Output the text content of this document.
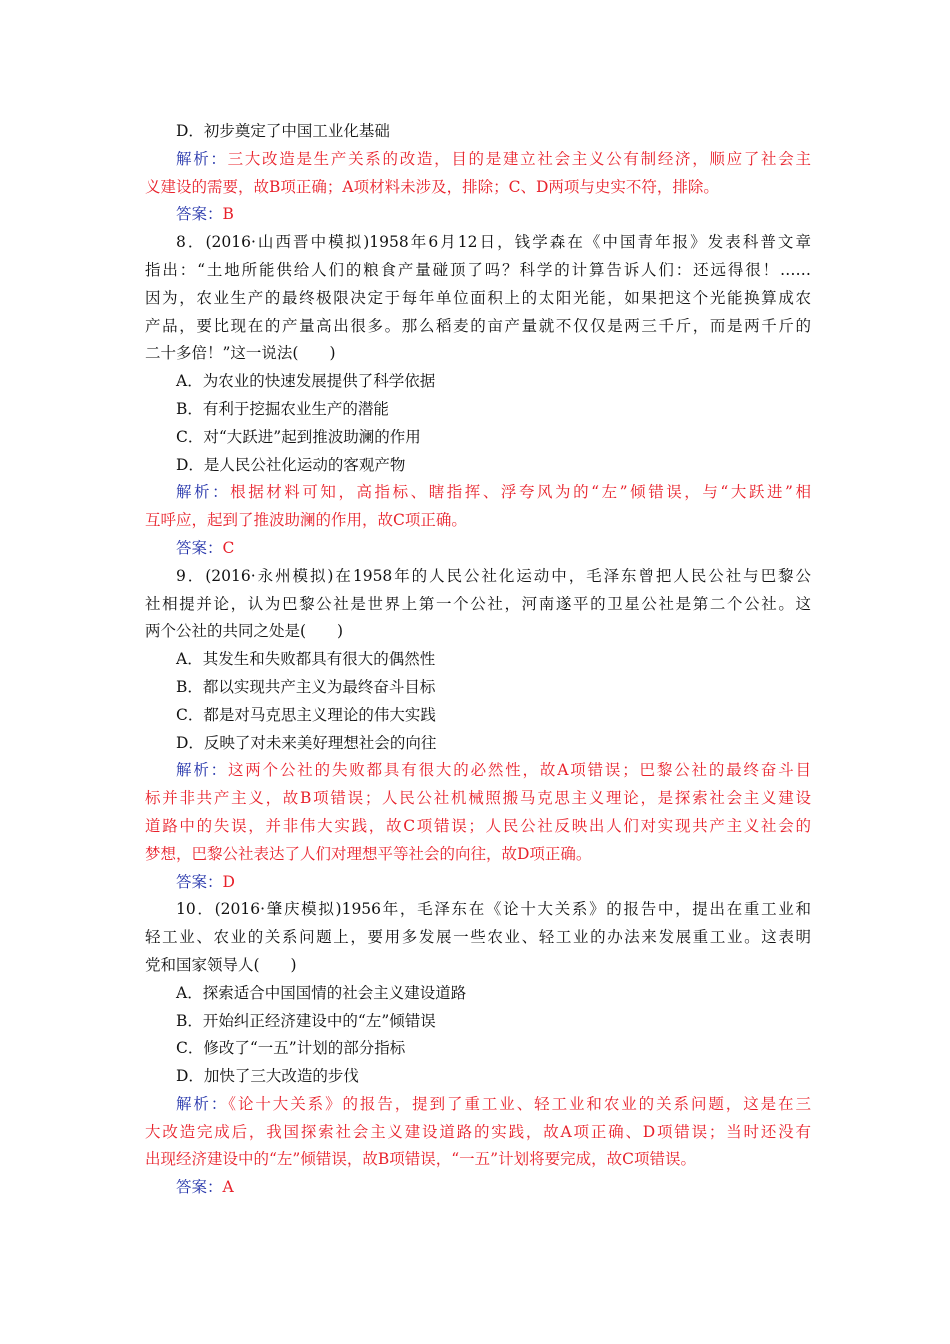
D．初步奠定了中国工业化基础
解析：三大改造是生产关系的改造，目的是建立社会主义公有制经济，顺应了社会主
义建设的需要，故B项正确；A项材料未涉及，排除；C、D两项与史实不符，排除。
答案：B
8．(2016·山西晋中模拟)1958年6月12日，钱学森在《中国青年报》发表科普文章
指出：“土地所能供给人们的粮食产量碰顶了吗？科学的计算告诉人们：还远得很！……
因为，农业生产的最终极限决定于每年单位面积上的太阳光能，如果把这个光能换算成农
产品，要比现在的产量高出很多。那么稻麦的亩产量就不仅仅是两三千斤，而是两千斤的
二十多倍！”这一说法(　　)
A．为农业的快速发展提供了科学依据
B．有利于挖掘农业生产的潜能
C．对“大跃进”起到推波助澜的作用
D．是人民公社化运动的客观产物
解析：根据材料可知，高指标、瞎指挥、浮夸风为的“左”倾错误，与“大跃进”相
互呼应，起到了推波助澜的作用，故C项正确。
答案：C
9．(2016·永州模拟)在1958年的人民公社化运动中，毛泽东曾把人民公社与巴黎公
社相提并论，认为巴黎公社是世界上第一个公社，河南遂平的卫星公社是第二个公社。这
两个公社的共同之处是(　　)
A．其发生和失败都具有很大的偶然性
B．都以实现共产主义为最终奋斗目标
C．都是对马克思主义理论的伟大实践
D．反映了对未来美好理想社会的向往
解析：这两个公社的失败都具有很大的必然性，故A项错误；巴黎公社的最终奋斗目
标并非共产主义，故B项错误；人民公社机械照搬马克思主义理论，是探索社会主义建设
道路中的失误，并非伟大实践，故C项错误；人民公社反映出人们对实现共产主义社会的
梦想，巴黎公社表达了人们对理想平等社会的向往，故D项正确。
答案：D
10．(2016·肇庆模拟)1956年，毛泽东在《论十大关系》的报告中，提出在重工业和
轻工业、农业的关系问题上，要用多发展一些农业、轻工业的办法来发展重工业。这表明
党和国家领导人(　　)
A．探索适合中国国情的社会主义建设道路
B．开始纠正经济建设中的“左”倾错误
C．修改了“一五”计划的部分指标
D．加快了三大改造的步伐
解析：《论十大关系》的报告，提到了重工业、轻工业和农业的关系问题，这是在三
大改造完成后，我国探索社会主义建设道路的实践，故A项正确、D项错误；当时还没有
出现经济建设中的“左”倾错误，故B项错误，“一五”计划将要完成，故C项错误。
答案：A
